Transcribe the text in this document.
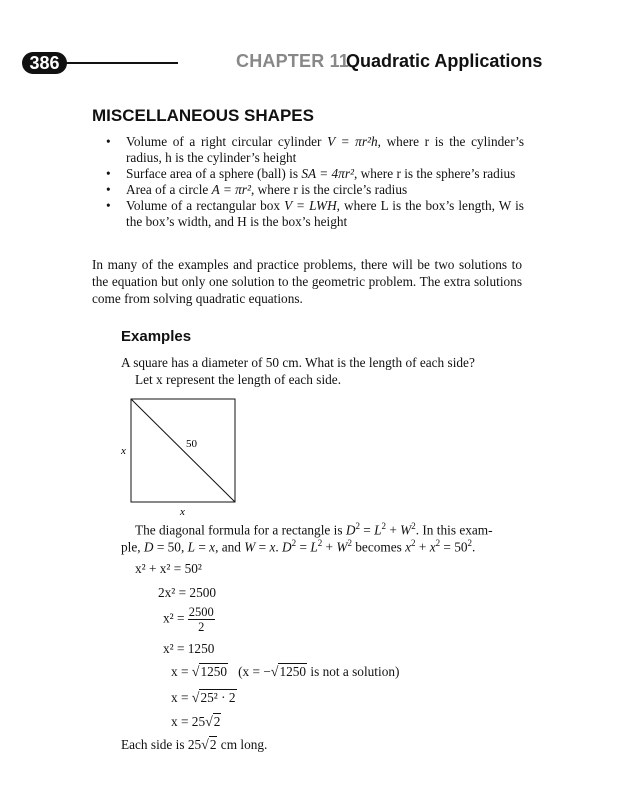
386	CHAPTER 11
Quadratic Applications
MISCELLANEOUS SHAPES
• Volume of a right circular cylinder V = πr²h, where r is the cylinder’s radius, h is the cylinder’s height
• Surface area of a sphere (ball) is SA = 4πr², where r is the sphere’s radius
• Area of a circle A = πr², where r is the circle’s radius
• Volume of a rectangular box V = LWH, where L is the box’s length, W is the box’s width, and H is the box’s height
In many of the examples and practice problems, there will be two solutions to the equation but only one solution to the geometric problem. The extra solutions come from solving quadratic equations.
Examples
A square has a diameter of 50 cm. What is the length of each side?
Let x represent the length of each side.
50
x
x
The diagonal formula for a rectangle is $D^2 = L^2 + W^2$. In this exam-
ple, D = 50, L = x, and W = x. $D^2 = L^2 + W^2$ becomes $x^2 + x^2 = 50^2$.
x² + x² = 50²
2x² = 2500
$x^2 = \frac{2500}{2}$
x² = 1250
x = √1250 (x = −√1250 is not a solution)
x = √25² · 2
x = 25√2
Each side is 25√2 cm long.
